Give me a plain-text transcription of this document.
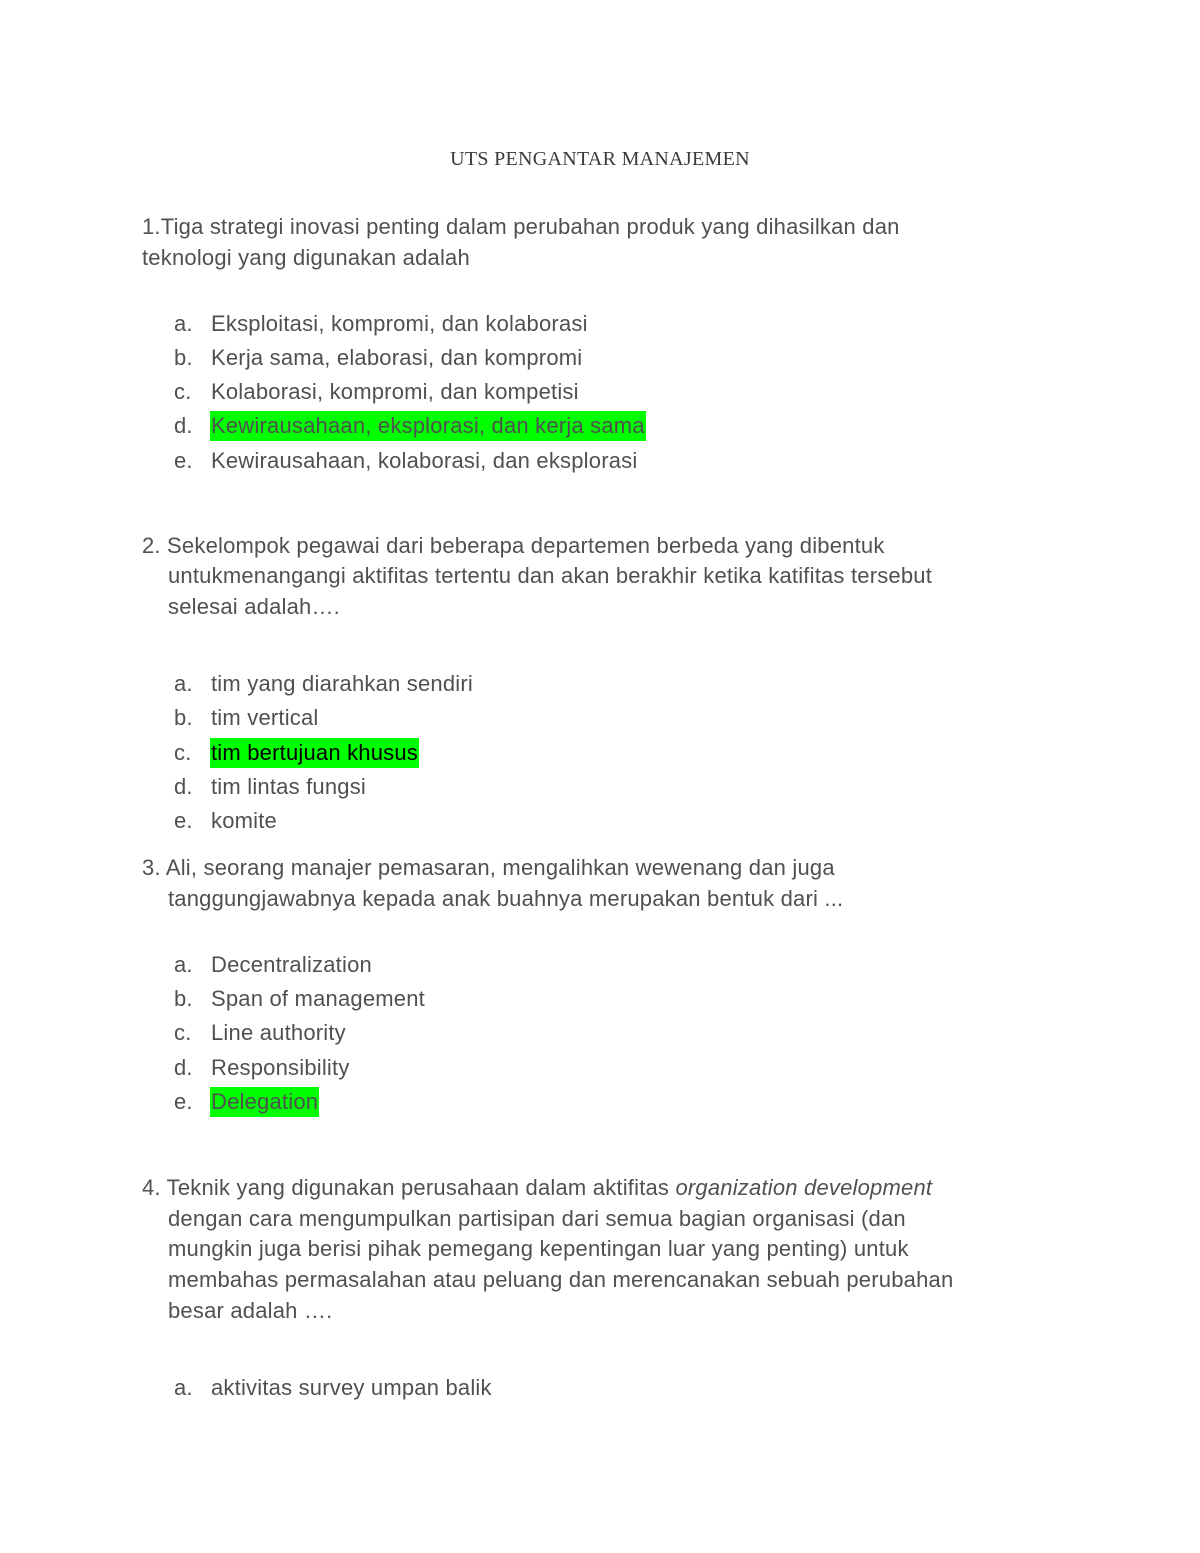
UTS PENGANTAR MANAJEMEN
1.Tiga strategi inovasi penting dalam perubahan produk yang dihasilkan dan
teknologi yang digunakan adalah
a. Eksploitasi, kompromi, dan kolaborasi
b. Kerja sama, elaborasi, dan kompromi
c. Kolaborasi, kompromi, dan kompetisi
d. Kewirausahaan, eksplorasi, dan kerja sama
e. Kewirausahaan, kolaborasi, dan eksplorasi
2. Sekelompok pegawai dari beberapa departemen berbeda yang dibentuk
untukmenangangi aktifitas tertentu dan akan berakhir ketika katifitas tersebut
selesai adalah….
a. tim yang diarahkan sendiri
b. tim vertical
c. tim bertujuan khusus
d. tim lintas fungsi
e. komite
3. Ali, seorang manajer pemasaran, mengalihkan wewenang dan juga
tanggungjawabnya kepada anak buahnya merupakan bentuk dari ...
a. Decentralization
b. Span of management
c. Line authority
d. Responsibility
e. Delegation
4. Teknik yang digunakan perusahaan dalam aktifitas organization development
dengan cara mengumpulkan partisipan dari semua bagian organisasi (dan
mungkin juga berisi pihak pemegang kepentingan luar yang penting) untuk
membahas permasalahan atau peluang dan merencanakan sebuah perubahan
besar adalah ….
a. aktivitas survey umpan balik
